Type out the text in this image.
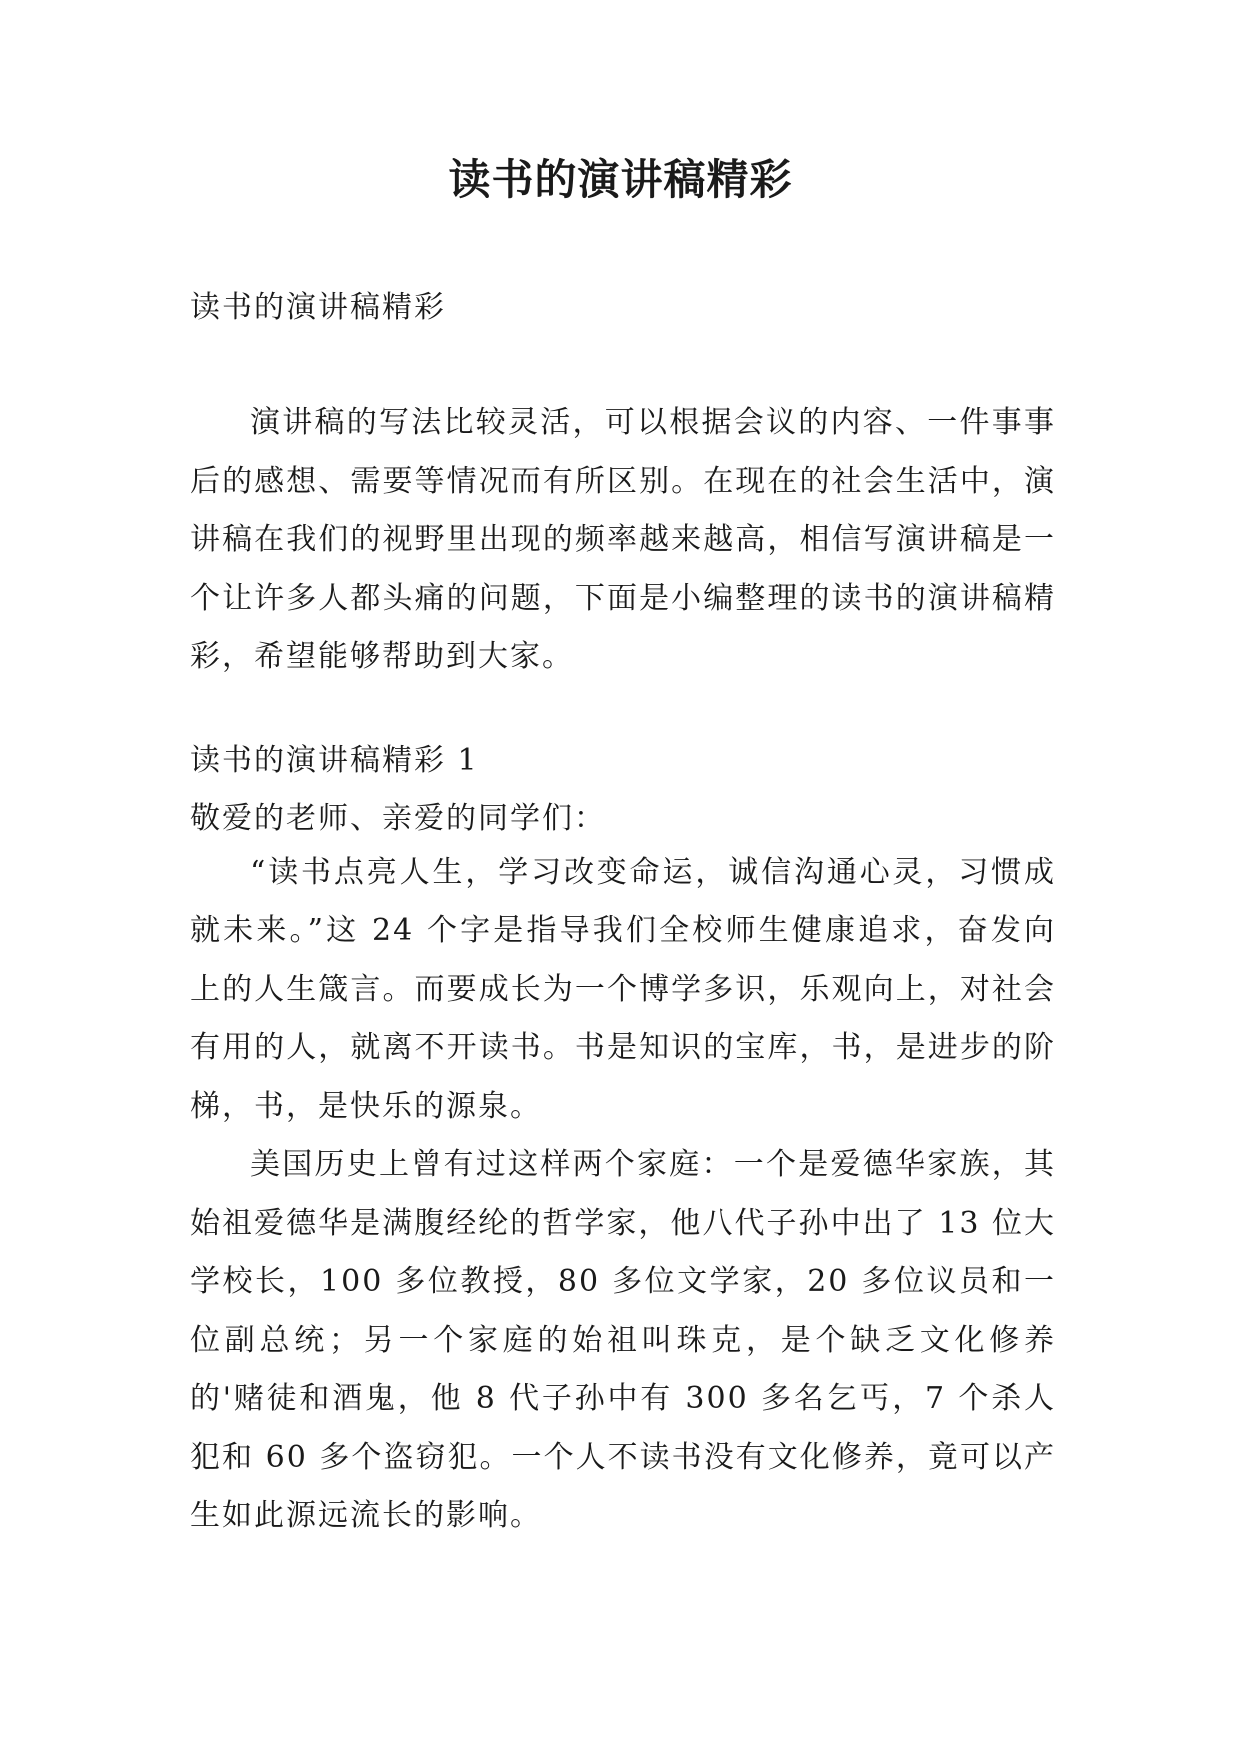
读书的演讲稿精彩

读书的演讲稿精彩

演讲稿的写法比较灵活，可以根据会议的内容、一件事事后的感想、需要等情况而有所区别。在现在的社会生活中，演讲稿在我们的视野里出现的频率越来越高，相信写演讲稿是一个让许多人都头痛的问题，下面是小编整理的读书的演讲稿精彩，希望能够帮助到大家。

读书的演讲稿精彩 1

敬爱的老师、亲爱的同学们：

“读书点亮人生，学习改变命运，诚信沟通心灵，习惯成就未来。”这 24 个字是指导我们全校师生健康追求，奋发向上的人生箴言。而要成长为一个博学多识，乐观向上，对社会有用的人，就离不开读书。书是知识的宝库，书，是进步的阶梯，书，是快乐的源泉。

美国历史上曾有过这样两个家庭：一个是爱德华家族，其始祖爱德华是满腹经纶的哲学家，他八代子孙中出了 13 位大学校长，100 多位教授，80 多位文学家，20 多位议员和一位副总统；另一个家庭的始祖叫珠克，是个缺乏文化修养的'赌徒和酒鬼，他 8 代子孙中有 300 多名乞丐，7 个杀人犯和 60 多个盗窃犯。一个人不读书没有文化修养，竟可以产生如此源远流长的影响。
